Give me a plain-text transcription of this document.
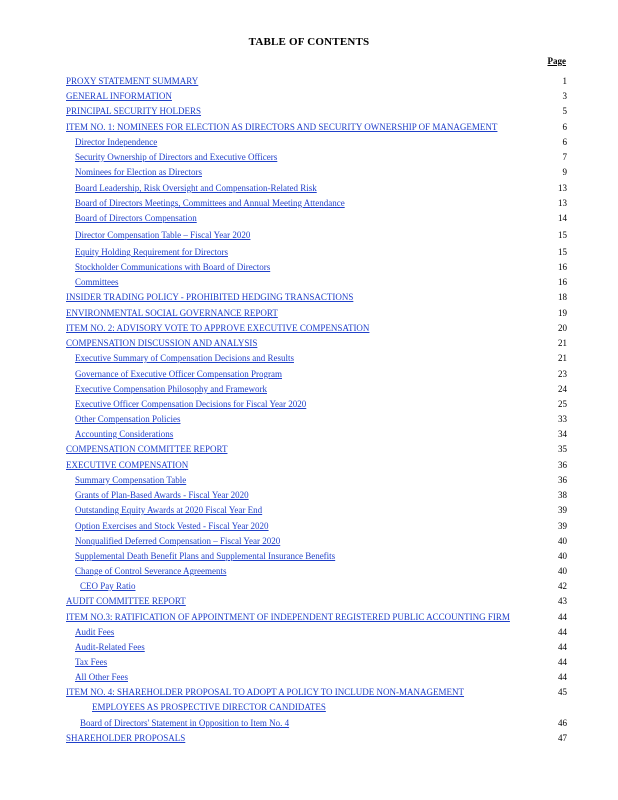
TABLE OF CONTENTS
Page
PROXY STATEMENT SUMMARY	1
GENERAL INFORMATION	3
PRINCIPAL SECURITY HOLDERS	5
ITEM NO. 1: NOMINEES FOR ELECTION AS DIRECTORS AND SECURITY OWNERSHIP OF MANAGEMENT	6
Director Independence	6
Security Ownership of Directors and Executive Officers	7
Nominees for Election as Directors	9
Board Leadership, Risk Oversight and Compensation-Related Risk	13
Board of Directors Meetings, Committees and Annual Meeting Attendance	13
Board of Directors Compensation	14
Director Compensation Table – Fiscal Year 2020	15
Equity Holding Requirement for Directors	15
Stockholder Communications with Board of Directors	16
Committees	16
INSIDER TRADING POLICY - PROHIBITED HEDGING TRANSACTIONS	18
ENVIRONMENTAL SOCIAL GOVERNANCE REPORT	19
ITEM NO. 2: ADVISORY VOTE TO APPROVE EXECUTIVE COMPENSATION	20
COMPENSATION DISCUSSION AND ANALYSIS	21
Executive Summary of Compensation Decisions and Results	21
Governance of Executive Officer Compensation Program	23
Executive Compensation Philosophy and Framework	24
Executive Officer Compensation Decisions for Fiscal Year 2020	25
Other Compensation Policies	33
Accounting Considerations	34
COMPENSATION COMMITTEE REPORT	35
EXECUTIVE COMPENSATION	36
Summary Compensation Table	36
Grants of Plan-Based Awards - Fiscal Year 2020	38
Outstanding Equity Awards at 2020 Fiscal Year End	39
Option Exercises and Stock Vested - Fiscal Year 2020	39
Nonqualified Deferred Compensation – Fiscal Year 2020	40
Supplemental Death Benefit Plans and Supplemental Insurance Benefits	40
Change of Control Severance Agreements	40
CEO Pay Ratio	42
AUDIT COMMITTEE REPORT	43
ITEM NO.3: RATIFICATION OF APPOINTMENT OF INDEPENDENT REGISTERED PUBLIC ACCOUNTING FIRM	44
Audit Fees	44
Audit-Related Fees	44
Tax Fees	44
All Other Fees	44
ITEM NO. 4: SHAREHOLDER PROPOSAL TO ADOPT A POLICY TO INCLUDE NON-MANAGEMENT	45
EMPLOYEES AS PROSPECTIVE DIRECTOR CANDIDATES
Board of Directors' Statement in Opposition to Item No. 4	46
SHAREHOLDER PROPOSALS	47
